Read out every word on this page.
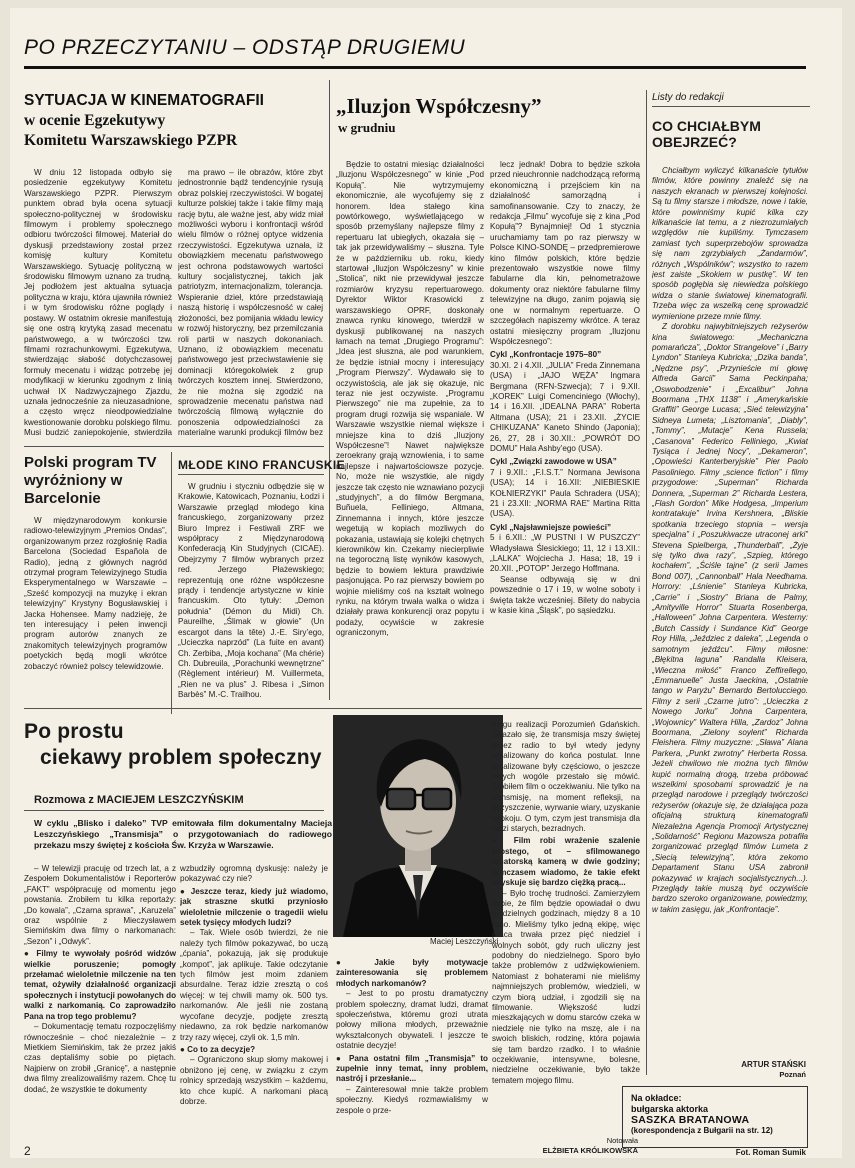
PO PRZECZYTANIU – ODSTĄP DRUGIEMU
SYTUACJA W KINEMATOGRAFII
w ocenie Egzekutywy
Komitetu Warszawskiego PZPR

W dniu 12 listopada odbyło się posiedzenie egzekutywy Komitetu Warszawskiego PZPR. Pierwszym punktem obrad była ocena sytuacji społeczno-politycznej w środowisku filmowym i problemy społecznego odbioru twórczości filmowej. Materiał do dyskusji przedstawiony został przez komisję kultury Komitetu Warszawskiego. Sytuację polityczną w środowisku filmowym uznano za trudną. Jej podłożem jest aktualna sytuacja polityczna w kraju, która ujawniła również i w tym środowisku różne poglądy i postawy. W ostatnim okresie manifestują się one ostrą krytyką zasad mecenatu państwowego, a w twórczości tzw. filmami rozrachunkowymi. Egzekutywa, stwierdzając słabość dotychczasowej formuły mecenatu i widząc potrzebę jej modyfikacji w kierunku zgodnym z linią uchwał IX Nadzwyczajnego Zjazdu, uznała jednocześnie za nieuzasadnione, a często wręcz nieodpowiedzialne kwestionowanie dorobku polskiego filmu. Musi budzić zaniepokojenie, stwierdziła

ma prawo – ile obrazów, które zbyt jednostronnie bądź tendencyjnie rysują obraz polskiej rzeczywistości. W bogatej kulturze polskiej także i takie filmy mają rację bytu, ale ważne jest, aby widz miał możliwości wyboru i konfrontacji wśród wielu filmów o różnej optyce widzenia rzeczywistości. Egzekutywa uznała, iż obowiązkiem mecenatu państwowego jest ochrona podstawowych wartości kultury socjalistycznej, takich jak patriotyzm, internacjonalizm, tolerancja. Wspieranie dzieł, które przedstawiają naszą historię i współczesność w całej złożoności, bez pomijania wkładu lewicy w rozwój historyczny, bez przemilczania roli partii w naszych dokonaniach. Uznano, iż obowiązkiem mecenatu państwowego jest przeciwstawienie się dominacji któregokolwiek z grup twórczych kosztem innej. Stwierdzono, że nie można się zgodzić na sprowadzenie mecenatu państwa nad twórczością filmową wyłącznie do ponoszenia odpowiedzialności za materialne warunki produkcji filmów bez

Polski program TV wyróżniony w Barcelonie

W międzynarodowym konkursie radiowo-telewizyjnym „Premios Ondas”, organizowanym przez rozgłośnię Radia Barcelona (Sociedad Española de Radio), jedną z głównych nagród otrzymał program Telewizyjnego Studia Eksperymentalnego w Warszawie – „Sześć kompozycji na muzykę i ekran telewizyjny” Krystyny Bogusławskiej i Jacka Hohensee. Mamy nadzieję, że ten interesujący i pełen inwencji program autorów znanych ze znakomitych telewizyjnych programów poetyckich będą mogli wkrótce zobaczyć również polscy telewidzowie.

MŁODE KINO FRANCUSKIE

W grudniu i styczniu odbędzie się w Krakowie, Katowicach, Poznaniu, Łodzi i Warszawie przegląd młodego kina francuskiego, zorganizowany przez Biuro Imprez i Festiwali ZRF we współpracy z Międzynarodową Konfederacją Kin Studyjnych (CICAE). Obejrzymy 7 filmów wybranych przez red. Jerzego Płażewskiego; reprezentują one różne współczesne prądy i tendencje artystyczne w kinie francuskim. Oto tytuły: „Demon południa” (Démon du Midi) Ch. Paureilhe, „Ślimak w głowie” (Un escargot dans la tête) J.-E. Siry’ego, „Ucieczka naprzód” (La fuite en avant) Ch. Zerbiba, „Moja kochana” (Ma chérie) Ch. Dubreuila, „Porachunki wewnętrzne” (Règlement intérieur) M. Vuillermeta, „Rien ne va plus” J. Ribesa i „Simon Barbès” M.-C. Trailhou.

„Iluzjon Współczesny”
w grudniu

Będzie to ostatni miesiąc działalności „Iluzjonu Współczesnego” w kinie „Pod Kopułą”. Nie wytrzymujemy ekonomicznie, ale wycofujemy się z honorem. Idea stałego kina powtórkowego, wyświetlającego w sposób przemyślany najlepsze filmy z repertuaru lat ubiegłych, okazała się – tak jak przewidywaliśmy – słuszna. Tyle że w pażdzierniku ub. roku, kiedy startował „Iluzjon Współczesny” w kinie „Stolica”, nikt nie przewidywał jeszcze rozmiarów kryzysu repertuarowego. Dyrektor Wiktor Krasowicki z warszawskiego OPRF, doskonały znawca rynku kinowego, twierdził w dyskusji publikowanej na naszych łamach na temat „Drugiego Programu”: „Idea jest słuszna, ale pod warunkiem, że będzie istniał mocny i interesujący „Program Pierwszy”. Wydawało się to oczywistością, ale jak się okazuje, nic teraz nie jest oczywiste. „Programu Pierwszego” nie ma zupełnie, za to program drugi rozwija się wspaniale. W Warszawie wszystkie niemal większe i mniejsze kina to dziś „Iluzjony Współczesne”! Nawet największe zeroekrany grają wznowienia, i to same najlepsze i najwartościowsze pozycje. No, może nie wszystkie, ale nigdy jeszcze tak często nie wznawiano pozycji „studyjnych”, a do filmów Bergmana, Buñuela, Felliniego, Altmana, Zinnemanna i innych, które jeszcze wegetują w kopiach mozliwych do pokazania, ustawiają się kolejki chętnych kierowników kin. Czekamy niecierpliwie na tegoroczną listę wyników kasowych, będzie to bowiem lektura prawdziwie pasjonująca. Po raz pierwszy bowiem po wojnie mieliśmy coś na kształt wolnego rynku, na którym trwała walka o widza i działały prawa konkurencji oraz popytu i podaży, ocywiście w zakresie ograniczonym,

lecz jednak! Dobra to będzie szkoła przed nieuchronnie nadchodzącą reformą ekonomiczną i przejściem kin na działalność samorządną i samofinansowanie. Czy to znaczy, że redakcja „Filmu” wycofuje się z kina „Pod Kopułą”? Bynajmniej! Od 1 stycznia uruchamiamy tam po raz pierwszy w Polsce KINO-SONDĘ – przedpremierowe kino filmów polskich, które będzie prezentowało wszystkie nowe filmy fabularne dla kin, pełnometrażowe dokumenty oraz niektóre fabularne filmy telewizyjne na długo, zanim pojawią się one w normalnym repertuarze. O szczegółach napiszemy wkrótce. A teraz ostatni miesięczny program „Iluzjonu Współczesnego”:

Cykl „Konfrontacje 1975–80”

30.XI. 2 i 4.XII. „JULIA” Freda Zinnemana (USA) i „JAJO WĘŻA” Ingmara Bergmana (RFN-Szwecja); 7 i 9.XII. „KOREK” Luigi Comenciniego (Włochy), 14 i 16.XII. „IDEALNA PARA” Roberta Altmana (USA); 21 i 23.XII. „ŻYCIE CHIKUZANA” Kaneto Shindo (Japonia); 26, 27, 28 i 30.XII.: „POWRÓT DO DOMU” Hala Ashby’ego (USA).

Cykl „Związki zawodowe w USA”

7 i 9.XII.: „F.I.S.T.” Normana Jewisona (USA); 14 i 16.XII: „NIEBIESKIE KOŁNIERZYKI” Paula Schradera (USA); 21 i 23.XII: „NORMA RAE” Martina Ritta (USA).

Cykl „Najsławniejsze powieści”

5 i 6.XII.: „W PUSTNI I W PUSZCZY” Władysława Ślesickiego; 11, 12 i 13.XII.: „LALKA” Wojciecha J. Hasa; 18, 19 i 20.XII. „POTOP” Jerzego Hoffmana.

Seanse odbywają się w dni powszednie o 17 i 19, w wolne soboty i święta także wcześniej. Bilety do nabycia w kasie kina „Śląsk”, po sąsiedzku.

Listy do redakcji
CO CHCIAŁBYM OBEJRZEĆ?

Chciałbym wyliczyć kilkanaście tytułów filmów, które powinny znaleźć się na naszych ekranach w pierwszej kolejności. Są tu filmy starsze i młodsze, nowe i takie, które powinniśmy kupić kilka czy kilkanaście lat temu, a z niezrozumiałych względów nie kupiliśmy. Tymczasem zamiast tych superprzebojów sprowadza się nam zgrzybiałych „Żandarmów”, różnych „Wspólników”; wszystko to razem jest zaiste „Skokiem w pustkę”. W ten sposób pogłębia się niewiedza polskiego widza o stanie światowej kinematografii. Trzeba więc za wszelką cenę sprowadzić wymienione przeze mnie filmy.

Z dorobku najwybitniejszych reżyserów kina światowego: „Mechaniczna pomarańcza”, „Doktor Strangelove” i „Barry Lyndon” Stanleya Kubricka; „Dzika banda”, „Nędzne psy”, „Przynieście mi głowę Alfreda Garcii” Sama Peckinpaha; „Oswobodzenie” i „Excalibur” Johna Boormana „THX 1138” i „Amerykańskie Graffiti” George Lucasa; „Sieć telewizyjna” Sidneya Lumeta; „Lisztomania”, „Diably”, „Tommy”, „Mutacje” Kena Russela; „Casanova” Federico Felliniego, „Kwiat Tysiąca i Jednej Nocy”, „Dekameron”, „Opowieści Kanterberyjskie” Pier Paolo Pasoliniego. Filmy „science fiction” i filmy przygodowe: „Superman” Richarda Donnera, „Superman 2” Richarda Lestera, „Flash Gordon” Mike Hodgesa, „Imperium kontratakuje” Irvina Kershnera, „Bliskie spotkania trzeciego stopnia – wersja specjalna” i „Poszukiwacze utraconej arki” Stevena Spielberga, „Thunderball”, „Żyje się tylko dwa razy”, „Szpieg, którego kochałem”, „Ściśle tajne” (z serii James Bond 007), „Cannonball” Hala Needhama. Horrory: „Lśnienie” Stanleya Kubricka, „Carrie” i „Siostry” Briana de Palmy, „Amityville Horror” Stuarta Rosenberga, „Halloween” Johna Carpentera. Westerny: „Butch Cassidy i Sundance Kid” George Roy Hilla, „Jeździec z daleka”, „Legenda o samotnym jeźdźcu”. Filmy miłosne: „Błękitna laguna” Randalla Kleisera, „Wieczna miłość” Franco Zeffirellego, „Emmanuelle” Justa Jaeckina, „Ostatnie tango w Paryżu” Bernardo Bertolucciego. Filmy z serii „Czarne jutro”: „Ucieczka z Nowego Jorku” Johna Carpentera, „Wojownicy” Waltera Hilla, „Zardoz” Johna Boormana, „Zielony soylent” Richarda Fleishera. Filmy muzyczne: „Sława” Alana Parkera, „Punkt zwrotny” Herberta Rossa. Jeżeli chwilowo nie można tych filmów kupić normalną drogą, trzeba próbować wszelkimi sposobami sprowadzić je na przegląd narodowe i przeglądy twórczości reżyserów (okazuje się, że działająca poza oficjalną strukturą kinematografii Niezależna Agencja Promocji Artystycznej „Solidarność” Regionu Mazowsza potrafiła zorganizować przegląd filmów Lumeta z „Siecią telewizyjną”, która zekomo Departament Stanu USA zabronił pokazywać w krajach socjalistycznych...). Przeglądy takie muszą być oczywiście bardzo szeroko organizowane, powiedzmy, w takim zasięgu, jak „Konfrontacje”.

ARTUR STAŃSKI
Poznań
Na okładce:
bułgarska aktorka
SASZKA BRATANOWA
(korespondencja z Bułgarii na str. 12)
Fot. Roman Sumik
Po prostu
ciekawy problem społeczny
Rozmowa z MACIEJEM LESZCZYŃSKIM
W cyklu „Blisko i daleko” TVP emitowała film dokumentalny Macieja Leszczyńskiego „Transmisja” o przygotowaniach do radiowego przekazu mszy świętej z kościoła Św. Krzyża w Warszawie.
Maciej Leszczyński

– W telewizji pracuję od trzech lat, a z Zespołem Dokumentalistów i Reporterów „FAKT” współpracuję od momentu jego powstania. Zrobiłem tu kilka reportaży: „Do kowala”, „Czarna sprawa”, „Karuzela” oraz wspólnie z Mieczysławem Siemińskim dwa filmy o narkomanach: „Sezon” i „Odwyk”.

● Filmy te wywołały pośród widzów wielkie poruszenie; pomogły przełamać wieloletnie milczenie na ten temat, ożywiły działalność organizacji społecznych i instytucji powołanych do walki z narkomanią. Co zaprowadziło Pana na trop tego problemu?

– Dokumentację tematu rozpoczęliśmy równocześnie – choć niezależnie – z Mietkiem Siemińskim, tak że przez jakiś czas deptaliśmy sobie po piętach. Najpierw on zrobił „Granicę”, a następnie dwa filmy zrealizowaliśmy razem. Chcę tu dodać, że wszystkie te dokumenty

wzbudziły ogromną dyskusję: należy je pokazywać czy nie?

● Jeszcze teraz, kiedy już wiadomo, jak straszne skutki przyniosło wieloletnie milczenie o tragedii wielu setek tysięcy młodych ludzi?

– Tak. Wiele osób twierdzi, że nie należy tych filmów pokazywać, bo uczą „ćpania”, pokazują, jak się produkuje „kompot”, jak aplikuje. Takie odczytanie tych filmów jest moim zdaniem absurdalne. Teraz idzie zresztą o coś więcej: w tej chwili mamy ok. 500 tys. narkomanów. Ale jeśli nie zostaną wycofane decyzje, podjęte zresztą niedawno, za rok będzie narkomanów trzy razy więcej, czyli ok. 1,5 mln.

● Co to za decyzje?

– Ograniczono skup słomy makowej i obniżono jej cenę, w związku z czym rolnicy sprzedają wszystkim – każdemu, kto chce kupić. A narkomani płacą dobrze.

● Jakie były motywacje zainteresowania się problemem młodych narkomanów?

– Jest to po prostu dramatyczny problem społeczny, dramat ludzi, dramat społeczeństwa, któremu grozi utrata połowy miliona młodych, przeważnie wykształconych obywateli. I jeszcze te ostatnie decyzje!

● Pana ostatni film „Transmisja” to zupełnie inny temat, inny problem, nastrój i przesłanie...

– Zainteresował mnie także problem społeczny. Kiedyś rozmawialiśmy w zespole o prze-

biegu realizacji Porozumień Gdańskich. Okazało się, że transmisja mszy świętej przez radio to był wtedy jedyny zrealizowany do końca postulat. Inne zrealizowane były częściowo, o jeszcze innych wogóle przestało się mówić. Zrobiłem film o oczekiwaniu. Nie tylko na transmisję, na moment refleksji, na oczyszczenie, wyrwanie wiary, uzyskanie spokoju. O tym, czym jest transmisja dla ludzi starych, bezradnych.

● Film robi wrażenie szalenie prostego, ot – sfilmowanego amatorską kamerą w dwie godziny; tymczasem wiadomo, że takie efekt uzyskuje się bardzo ciężką pracą...

– Było trochę trudności. Zamierzyłem sobie, że film będzie opowiadał o dwu niedzielnych godzinach, między 8 a 10 rano. Mieliśmy tylko jedną ekipę, więc praca trwała przez pięć niedziel i wolnych sobót, gdy ruch uliczny jest podobny do niedzielnego. Sporo było także problemów z udźwiękowieniem. Natomiast z bohaterami nie mieliśmy najmniejszych problemów, wiedzieli, w czym biorą udział, i zgodzili się na filmowanie. Większość ludzi mieszkających w domu starców czeka w niedzielę nie tylko na mszę, ale i na swoich bliskich, rodzinę, która pojawia się tam bardzo rzadko. I to właśnie oczekiwanie, intensywne, bolesne, niedzielne oczekiwanie, było także tematem mojego filmu.

Notowała
ELŻBIETA KRÓLIKOWSKA
2
